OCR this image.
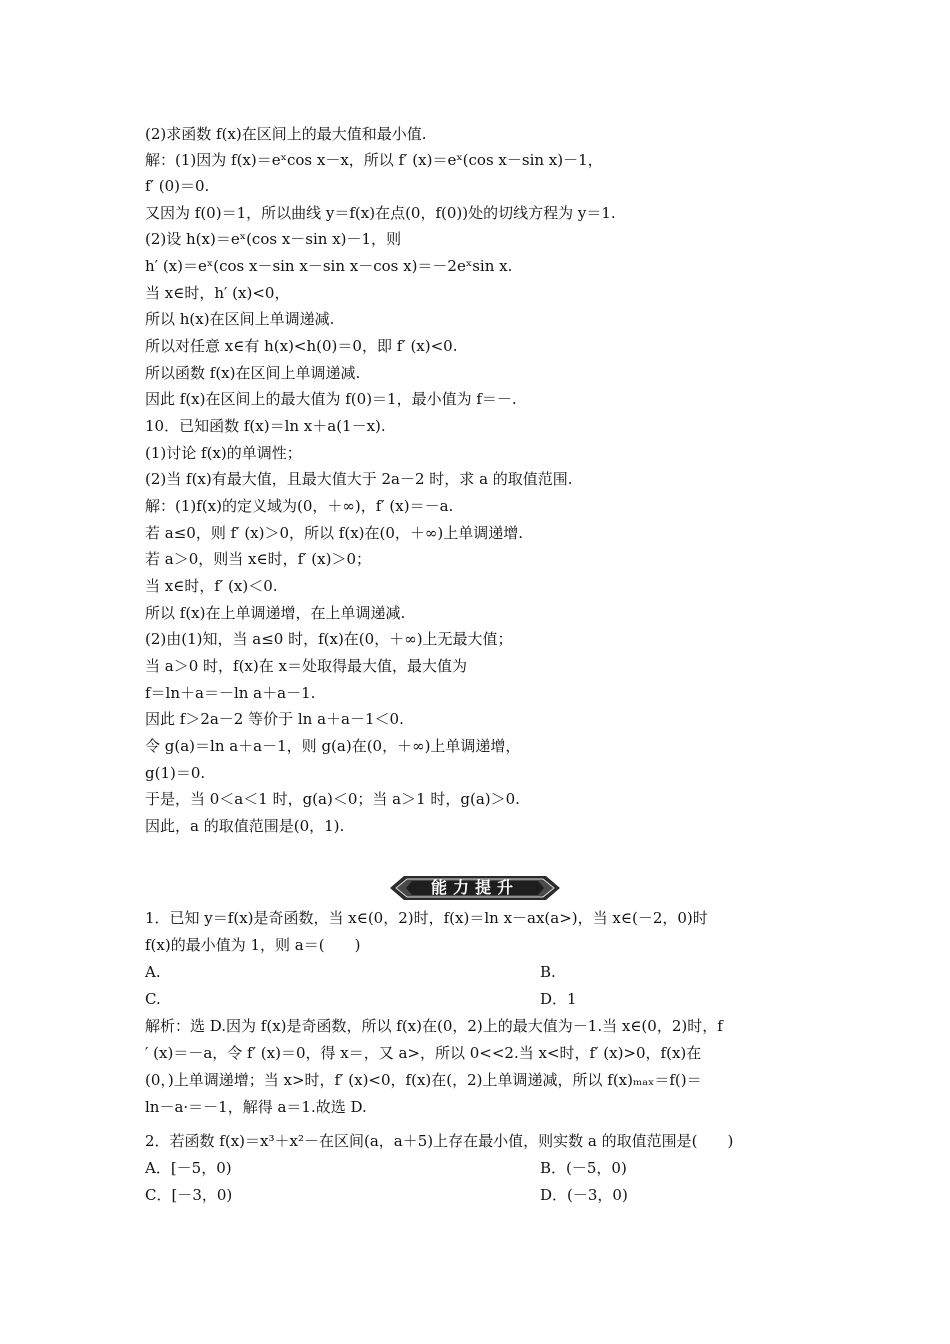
(2)求函数 f(x)在区间上的最大值和最小值.
解：(1)因为 f(x)＝eˣcos x－x，所以 f′ (x)＝eˣ(cos x－sin x)－1，
f′ (0)＝0.
又因为 f(0)＝1，所以曲线 y＝f(x)在点(0，f(0))处的切线方程为 y＝1.
(2)设 h(x)＝eˣ(cos x－sin x)－1，则
h′ (x)＝eˣ(cos x－sin x－sin x－cos x)＝－2eˣsin x.
当 x∈时，h′ (x)<0，
所以 h(x)在区间上单调递减.
所以对任意 x∈有 h(x)<h(0)＝0，即 f′ (x)<0.
所以函数 f(x)在区间上单调递减.
因此 f(x)在区间上的最大值为 f(0)＝1，最小值为 f＝－.
10．已知函数 f(x)＝ln x＋a(1－x).
(1)讨论 f(x)的单调性；
(2)当 f(x)有最大值，且最大值大于 2a－2 时，求 a 的取值范围.
解：(1)f(x)的定义域为(0，＋∞)，f′ (x)＝－a.
若 a≤0，则 f′ (x)＞0，所以 f(x)在(0，＋∞)上单调递增.
若 a＞0，则当 x∈时，f′ (x)＞0；
当 x∈时，f′ (x)＜0.
所以 f(x)在上单调递增，在上单调递减.
(2)由(1)知，当 a≤0 时，f(x)在(0，＋∞)上无最大值；
当 a＞0 时，f(x)在 x＝处取得最大值，最大值为
f＝ln＋a＝－ln a＋a－1.
因此 f＞2a－2 等价于 ln a＋a－1＜0.
令 g(a)＝ln a＋a－1，则 g(a)在(0，＋∞)上单调递增，
g(1)＝0.
于是，当 0＜a＜1 时，g(a)＜0；当 a＞1 时，g(a)＞0.
因此，a 的取值范围是(0，1).
能力提升
1．已知 y＝f(x)是奇函数，当 x∈(0，2)时，f(x)＝ln x－ax(a>)，当 x∈(－2，0)时
f(x)的最小值为 1，则 a＝(　　)
A.	B.
C.	D．1
解析：选 D.因为 f(x)是奇函数，所以 f(x)在(0，2)上的最大值为－1.当 x∈(0，2)时，f
′ (x)＝－a，令 f′ (x)＝0，得 x＝，又 a>，所以 0<<2.当 x<时，f′ (x)>0，f(x)在
(0，)上单调递增；当 x>时，f′ (x)<0，f(x)在(，2)上单调递减，所以 f(x)ₘₐₓ＝f()＝
ln－a·＝－1，解得 a＝1.故选 D.
2．若函数 f(x)＝x³＋x²－在区间(a，a＋5)上存在最小值，则实数 a 的取值范围是(　　)
A．[－5，0)	B．(－5，0)
C．[－3，0)	D．(－3，0)
